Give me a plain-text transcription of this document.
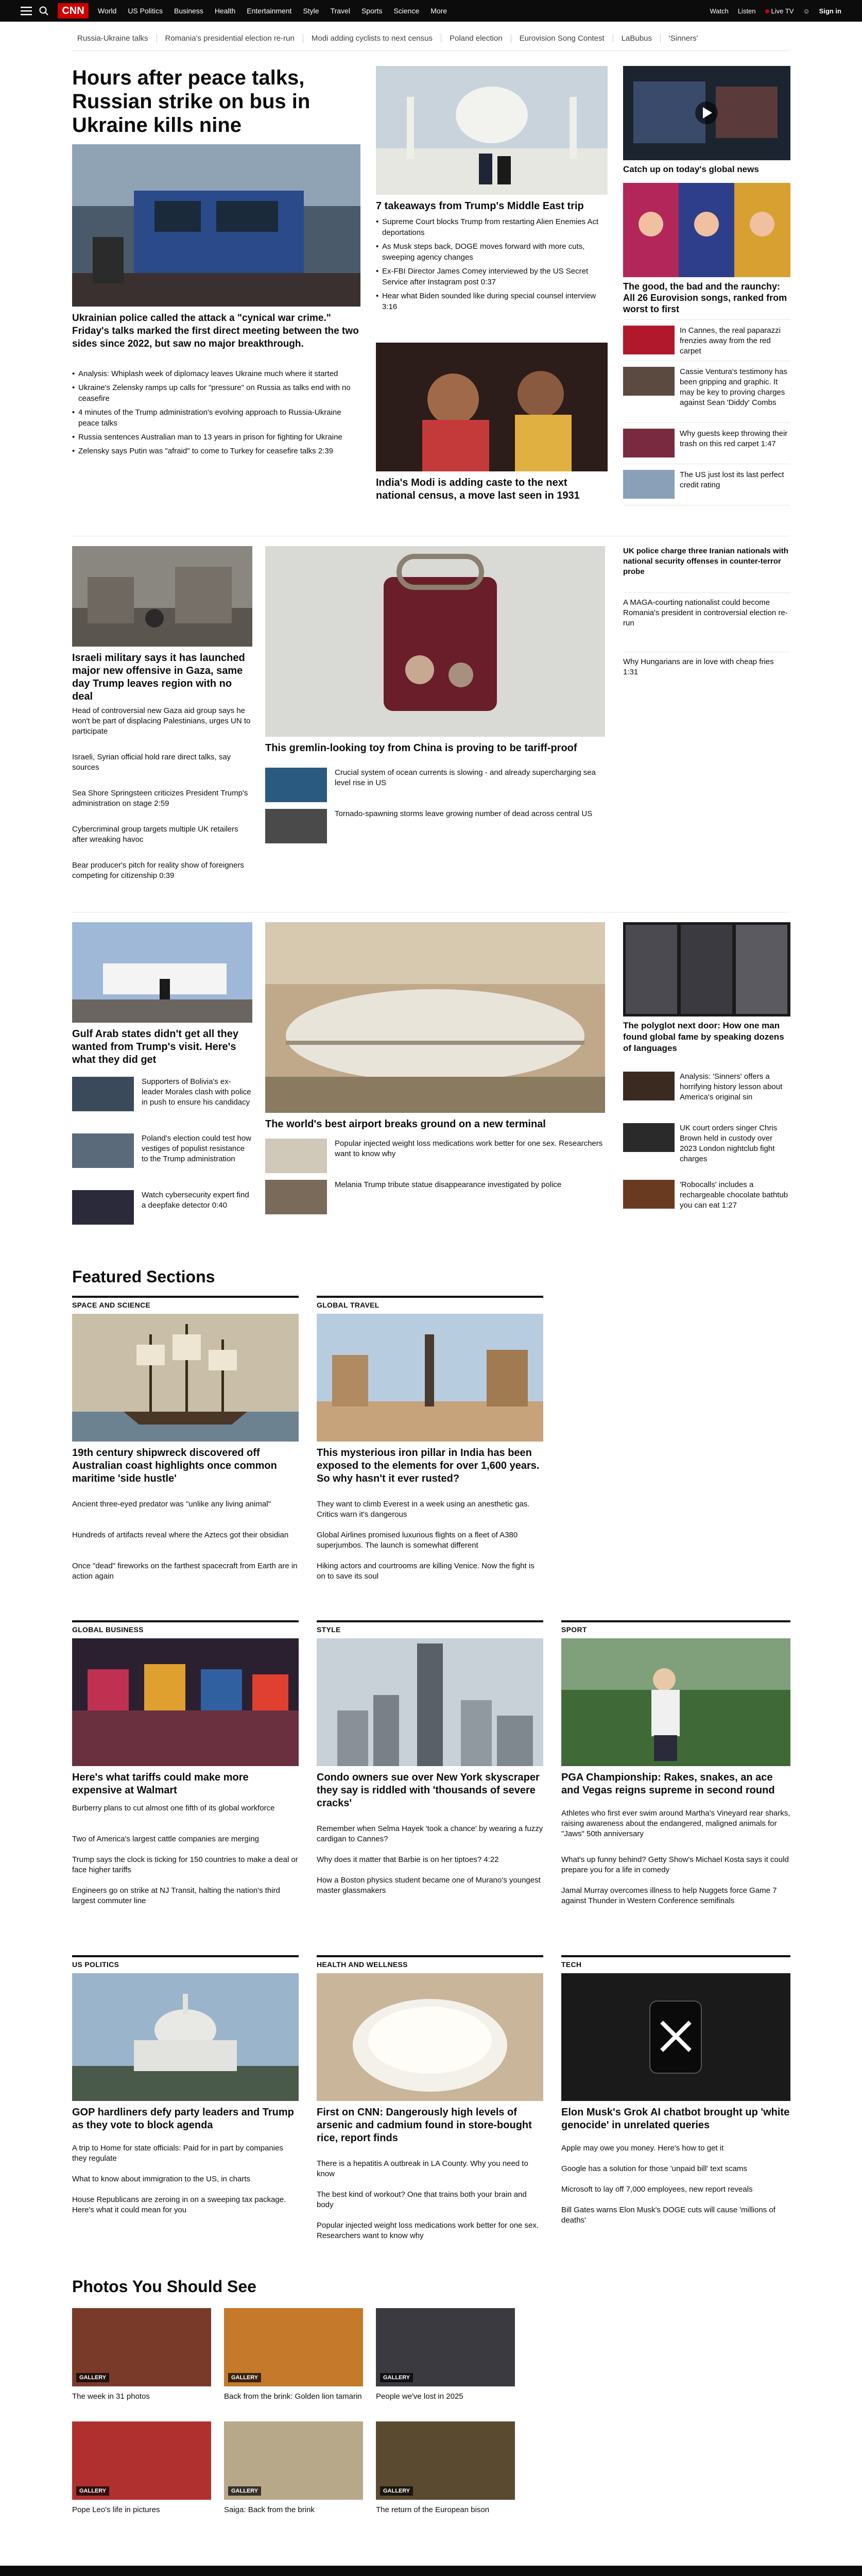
CNN	World US Politics Business Health Entertainment Style Travel Sports Science More	Watch Listen	Live TV ☺ Sign in
Russia-Ukraine talks	Romania's presidential election re-run	Modi adding cyclists to next census	Poland election	Eurovision Song Contest	LaBubus	'Sinners'
Hours after peace talks, Russian strike on bus in Ukraine kills nine
Ukrainian police called the attack a "cynical war crime." Friday's talks marked the first direct meeting between the two sides since 2022, but saw no major breakthrough.
• Analysis: Whiplash week of diplomacy leaves Ukraine much where it started
• Ukraine's Zelensky ramps up calls for "pressure" on Russia as talks end with no ceasefire
• 4 minutes of the Trump administration's evolving approach to Russia-Ukraine peace talks
• Russia sentences Australian man to 13 years in prison for fighting for Ukraine
• Zelensky says Putin was "afraid" to come to Turkey for ceasefire talks 2:39
7 takeaways from Trump's Middle East trip
• Supreme Court blocks Trump from restarting Alien Enemies Act deportations
• As Musk steps back, DOGE moves forward with more cuts, sweeping agency changes
• Ex-FBI Director James Comey interviewed by the US Secret Service after Instagram post 0:37
• Hear what Biden sounded like during special counsel interview 3:16
India's Modi is adding caste to the next national census, a move last seen in 1931
Catch up on today's global news
The good, the bad and the raunchy: All 26 Eurovision songs, ranked from worst to first
In Cannes, the real paparazzi frenzies away from the red carpet
Cassie Ventura's testimony has been gripping and graphic. It may be key to proving charges against Sean 'Diddy' Combs
Why guests keep throwing their trash on this red carpet 1:47
The US just lost its last perfect credit rating
Israeli military says it has launched major new offensive in Gaza, same day Trump leaves region with no deal
Head of controversial new Gaza aid group says he won't be part of displacing Palestinians, urges UN to participate
Israeli, Syrian official hold rare direct talks, say sources
Sea Shore Springsteen criticizes President Trump's administration on stage 2:59
Cybercriminal group targets multiple UK retailers after wreaking havoc
Bear producer's pitch for reality show of foreigners competing for citizenship 0:39
This gremlin-looking toy from China is proving to be tariff-proof
Crucial system of ocean currents is slowing - and already supercharging sea level rise in US
Tornado-spawning storms leave growing number of dead across central US
UK police charge three Iranian nationals with national security offenses in counter-terror probe
A MAGA-courting nationalist could become Romania's president in controversial election re-run
Why Hungarians are in love with cheap fries 1:31
Gulf Arab states didn't get all they wanted from Trump's visit. Here's what they did get
Supporters of Bolivia's ex-leader Morales clash with police in push to ensure his candidacy
Poland's election could test how vestiges of populist resistance to the Trump administration
Watch cybersecurity expert find a deepfake detector 0:40
The world's best airport breaks ground on a new terminal
Popular injected weight loss medications work better for one sex. Researchers want to know why
Melania Trump tribute statue disappearance investigated by police
The polyglot next door: How one man found global fame by speaking dozens of languages
Analysis: 'Sinners' offers a horrifying history lesson about America's original sin
UK court orders singer Chris Brown held in custody over 2023 London nightclub fight charges
'Robocalls' includes a rechargeable chocolate bathtub you can eat 1:27
Featured Sections
SPACE AND SCIENCE
19th century shipwreck discovered off Australian coast highlights once common maritime 'side hustle'
Ancient three-eyed predator was "unlike any living animal"
Hundreds of artifacts reveal where the Aztecs got their obsidian
Once "dead" fireworks on the farthest spacecraft from Earth are in action again
GLOBAL TRAVEL
This mysterious iron pillar in India has been exposed to the elements for over 1,600 years. So why hasn't it ever rusted?
They want to climb Everest in a week using an anesthetic gas. Critics warn it's dangerous
Global Airlines promised luxurious flights on a fleet of A380 superjumbos. The launch is somewhat different
Hiking actors and courtrooms are killing Venice. Now the fight is on to save its soul
GLOBAL BUSINESS
Here's what tariffs could make more expensive at Walmart
Burberry plans to cut almost one fifth of its global workforce
Two of America's largest cattle companies are merging
Trump says the clock is ticking for 150 countries to make a deal or face higher tariffs
Engineers go on strike at NJ Transit, halting the nation's third largest commuter line
STYLE
Condo owners sue over New York skyscraper they say is riddled with 'thousands of severe cracks'
Remember when Selma Hayek 'took a chance' by wearing a fuzzy cardigan to Cannes?
Why does it matter that Barbie is on her tiptoes? 4:22
How a Boston physics student became one of Murano's youngest master glassmakers
SPORT
PGA Championship: Rakes, snakes, an ace and Vegas reigns supreme in second round
Athletes who first ever swim around Martha's Vineyard rear sharks, raising awareness about the endangered, maligned animals for "Jaws" 50th anniversary
What's up funny behind? Getty Show's Michael Kosta says it could prepare you for a life in comedy
Jamal Murray overcomes illness to help Nuggets force Game 7 against Thunder in Western Conference semifinals
US POLITICS
GOP hardliners defy party leaders and Trump as they vote to block agenda
A trip to Home for state officials: Paid for in part by companies they regulate
What to know about immigration to the US, in charts
House Republicans are zeroing in on a sweeping tax package. Here's what it could mean for you
HEALTH AND WELLNESS
First on CNN: Dangerously high levels of arsenic and cadmium found in store-bought rice, report finds
There is a hepatitis A outbreak in LA County. Why you need to know
The best kind of workout? One that trains both your brain and body
Popular injected weight loss medications work better for one sex. Researchers want to know why
TECH
Elon Musk's Grok AI chatbot brought up 'white genocide' in unrelated queries
Apple may owe you money. Here's how to get it
Google has a solution for those 'unpaid bill' text scams
Microsoft to lay off 7,000 employees, new report reveals
Bill Gates warns Elon Musk's DOGE cuts will cause 'millions of deaths'
Photos You Should See
GALLERY
The week in 31 photos
GALLERY
Back from the brink: Golden lion tamarin
GALLERY
People we've lost in 2025
GALLERY
Pope Leo's life in pictures
GALLERY
Saiga: Back from the brink
GALLERY
The return of the European bison
